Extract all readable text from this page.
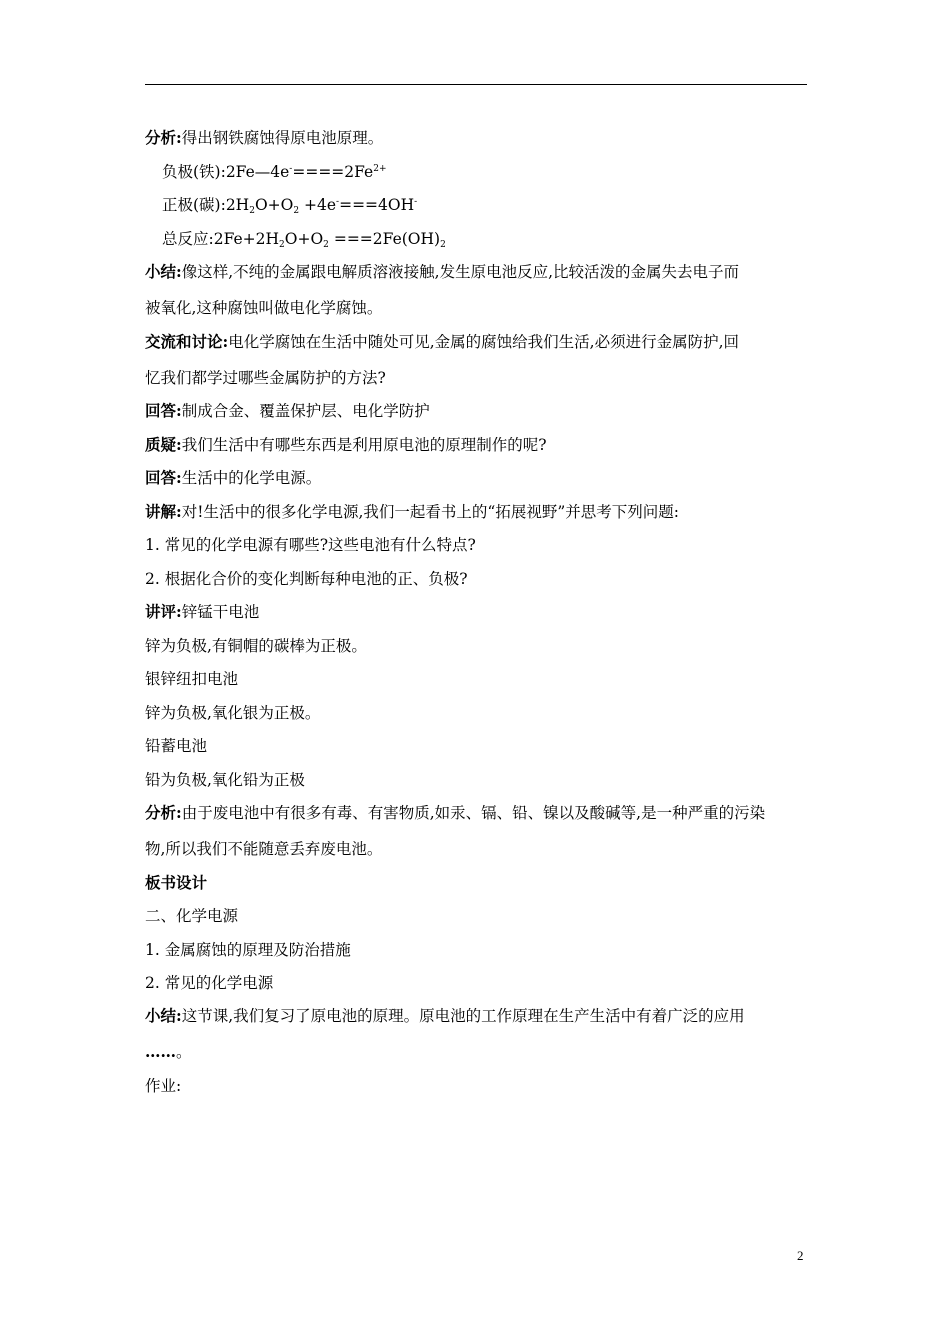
分析:得出钢铁腐蚀得原电池原理。
负极(铁)$:2Fe—4e^-====2Fe^{2+}$
正极(碳)$:2H_2O+O_2 +4e^-===4OH^-$
总反应$:2Fe+2H_2O+O_2 ===2Fe(OH)_2$
小结:像这样,不纯的金属跟电解质溶液接触,发生原电池反应,比较活泼的金属失去电子而
被氧化,这种腐蚀叫做电化学腐蚀。
交流和讨论:电化学腐蚀在生活中随处可见,金属的腐蚀给我们生活,必须进行金属防护,回
忆我们都学过哪些金属防护的方法?
回答:制成合金、覆盖保护层、电化学防护
质疑:我们生活中有哪些东西是利用原电池的原理制作的呢?
回答:生活中的化学电源。
讲解:对!生活中的很多化学电源,我们一起看书上的“拓展视野”并思考下列问题:
1. 常见的化学电源有哪些?这些电池有什么特点?
2. 根据化合价的变化判断每种电池的正、负极?
讲评:锌锰干电池
锌为负极,有铜帽的碳棒为正极。
银锌纽扣电池
锌为负极,氧化银为正极。
铅蓄电池
铅为负极,氧化铅为正极
分析:由于废电池中有很多有毒、有害物质,如汞、镉、铅、镍以及酸碱等,是一种严重的污染
物,所以我们不能随意丢弃废电池。
板书设计
二、化学电源
1. 金属腐蚀的原理及防治措施
2. 常见的化学电源
小结:这节课,我们复习了原电池的原理。原电池的工作原理在生产生活中有着广泛的应用
……。
作业:
2
